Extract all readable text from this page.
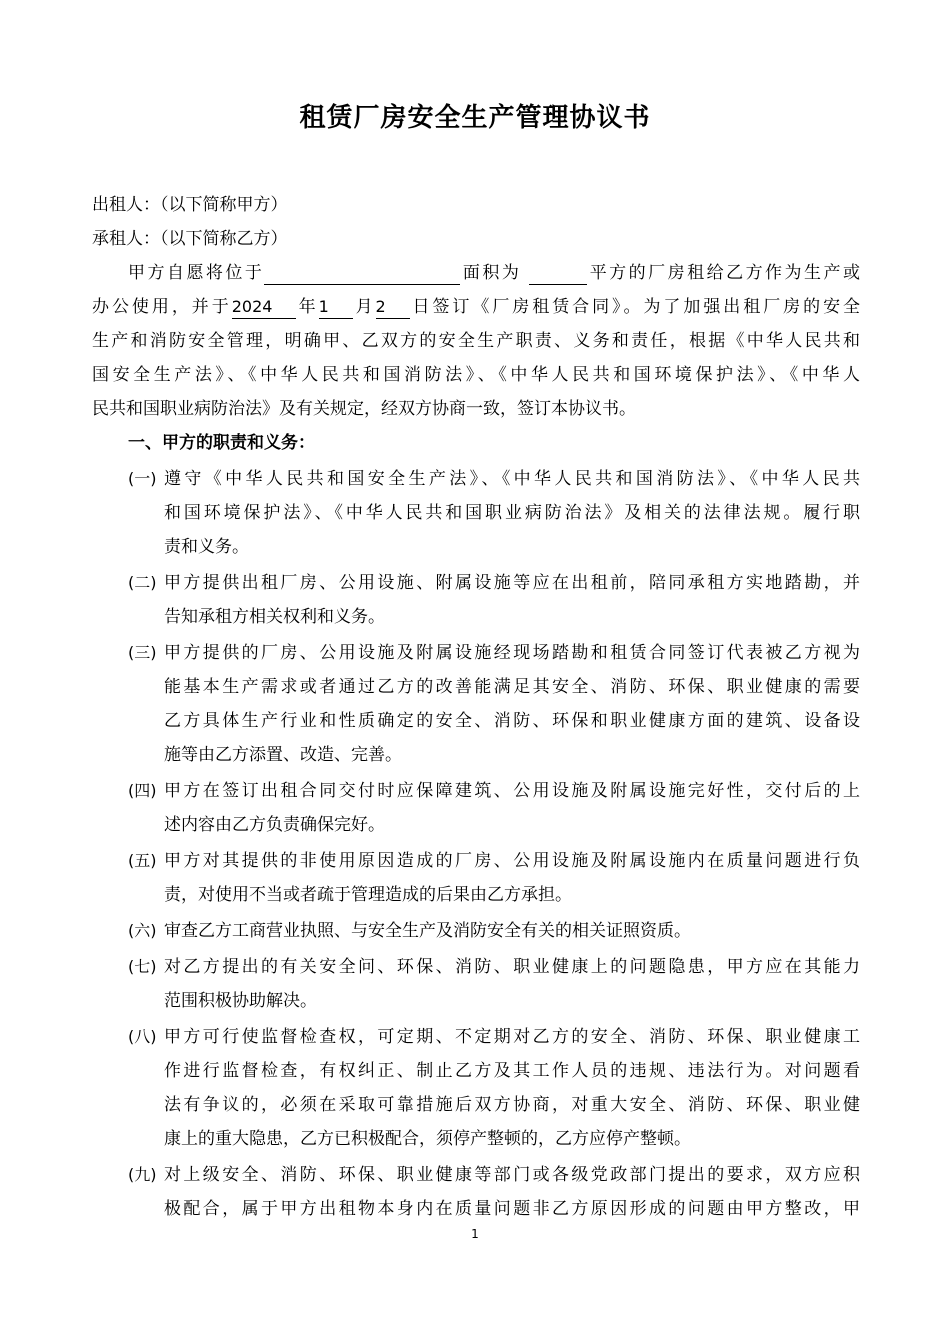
租赁厂房安全生产管理协议书
出租人：（以下简称甲方）
承租人：（以下简称乙方）
甲方自愿将位于	面积为	平方的厂房租给乙方作为生产或
办公使用，并于2024 年1 月2 日签订《厂房租赁合同》。为了加强出租厂房的安全
生产和消防安全管理，明确甲、乙双方的安全生产职责、义务和责任，根据《中华人民共和
国安全生产法》、《中华人民共和国消防法》、《中华人民共和国环境保护法》、《中华人
民共和国职业病防治法》及有关规定，经双方协商一致，签订本协议书。
一、甲方的职责和义务：
(一) 遵守《中华人民共和国安全生产法》、《中华人民共和国消防法》、《中华人民共
和国环境保护法》、《中华人民共和国职业病防治法》及相关的法律法规。履行职
责和义务。
(二) 甲方提供出租厂房、公用设施、附属设施等应在出租前，陪同承租方实地踏勘，并
告知承租方相关权利和义务。
(三) 甲方提供的厂房、公用设施及附属设施经现场踏勘和租赁合同签订代表被乙方视为
能基本生产需求或者通过乙方的改善能满足其安全、消防、环保、职业健康的需要
乙方具体生产行业和性质确定的安全、消防、环保和职业健康方面的建筑、设备设
施等由乙方添置、改造、完善。
(四) 甲方在签订出租合同交付时应保障建筑、公用设施及附属设施完好性，交付后的上
述内容由乙方负责确保完好。
(五) 甲方对其提供的非使用原因造成的厂房、公用设施及附属设施内在质量问题进行负
责，对使用不当或者疏于管理造成的后果由乙方承担。
(六) 审查乙方工商营业执照、与安全生产及消防安全有关的相关证照资质。
(七) 对乙方提出的有关安全问、环保、消防、职业健康上的问题隐患，甲方应在其能力
范围积极协助解决。
(八) 甲方可行使监督检查权，可定期、不定期对乙方的安全、消防、环保、职业健康工
作进行监督检查，有权纠正、制止乙方及其工作人员的违规、违法行为。对问题看
法有争议的，必须在采取可靠措施后双方协商，对重大安全、消防、环保、职业健
康上的重大隐患，乙方已积极配合，须停产整顿的，乙方应停产整顿。
(九) 对上级安全、消防、环保、职业健康等部门或各级党政部门提出的要求，双方应积
极配合，属于甲方出租物本身内在质量问题非乙方原因形成的问题由甲方整改，甲
1
